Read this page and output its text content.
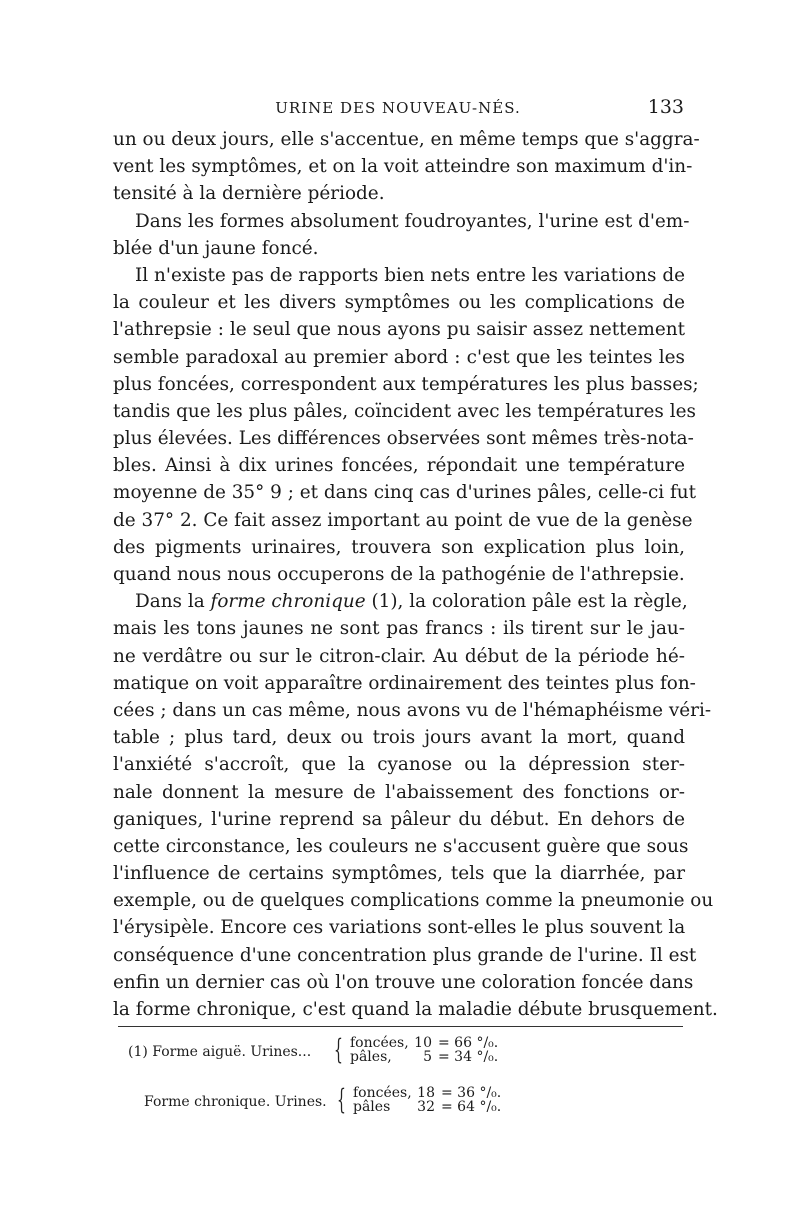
URINE DES NOUVEAU-NÉS.	133
un ou deux jours, elle s'accentue, en même temps que s'aggra-
vent les symptômes, et on la voit atteindre son maximum d'in-
tensité à la dernière période.
Dans les formes absolument foudroyantes, l'urine est d'em-
blée d'un jaune foncé.
Il n'existe pas de rapports bien nets entre les variations de
la couleur et les divers symptômes ou les complications de
l'athrepsie : le seul que nous ayons pu saisir assez nettement
semble paradoxal au premier abord : c'est que les teintes les
plus foncées, correspondent aux températures les plus basses;
tandis que les plus pâles, coïncident avec les températures les
plus élevées. Les différences observées sont mêmes très-nota-
bles. Ainsi à dix urines foncées, répondait une température
moyenne de 35° 9 ; et dans cinq cas d'urines pâles, celle-ci fut
de 37° 2. Ce fait assez important au point de vue de la genèse
des pigments urinaires, trouvera son explication plus loin,
quand nous nous occuperons de la pathogénie de l'athrepsie.
Dans la forme chronique (1), la coloration pâle est la règle,
mais les tons jaunes ne sont pas francs : ils tirent sur le jau-
ne verdâtre ou sur le citron-clair. Au début de la période hé-
matique on voit apparaître ordinairement des teintes plus fon-
cées ; dans un cas même, nous avons vu de l'hémaphéisme véri-
table ; plus tard, deux ou trois jours avant la mort, quand
l'anxiété s'accroît, que la cyanose ou la dépression ster-
nale donnent la mesure de l'abaissement des fonctions or-
ganiques, l'urine reprend sa pâleur du début. En dehors de
cette circonstance, les couleurs ne s'accusent guère que sous
l'influence de certains symptômes, tels que la diarrhée, par
exemple, ou de quelques complications comme la pneumonie ou
l'érysipèle. Encore ces variations sont-elles le plus souvent la
conséquence d'une concentration plus grande de l'urine. Il est
enfin un dernier cas où l'on trouve une coloration foncée dans
la forme chronique, c'est quand la maladie débute brusquement.
(1) Forme aiguë. Urines... { foncées, 10 = 66 °/₀.
pâles, 5 = 34 °/₀.
Forme chronique. Urines. { foncées, 18 = 36 °/₀.
pâles 32 = 64 °/₀.
